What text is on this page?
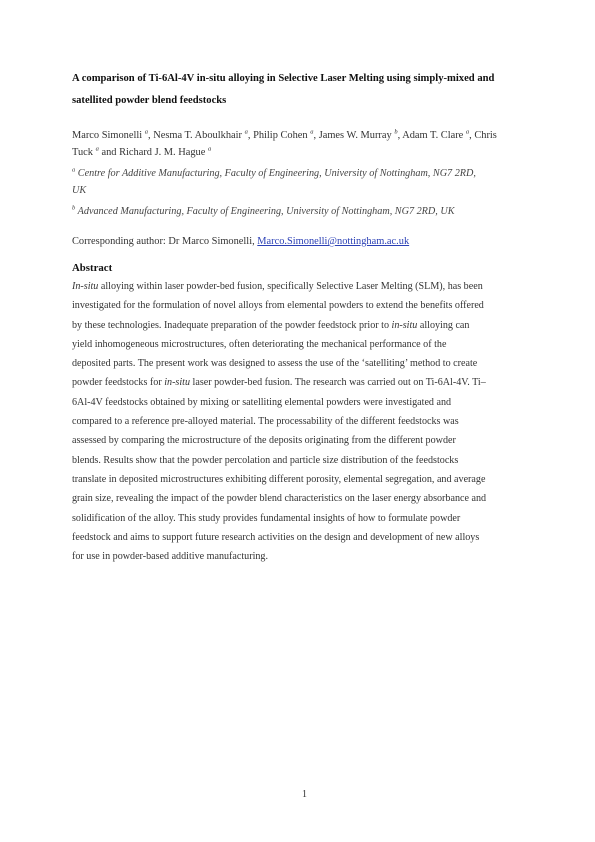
A comparison of Ti-6Al-4V in-situ alloying in Selective Laser Melting using simply-mixed and
satellited powder blend feedstocks
Marco Simonelli $^a$, Nesma T. Aboulkhair $^a$, Philip Cohen $^a$, James W. Murray $^b$, Adam T. Clare $^a$, Chris
Tuck $^a$ and Richard J. M. Hague $^a$
$^a$ Centre for Additive Manufacturing, Faculty of Engineering, University of Nottingham, NG7 2RD,
UK
$^b$ Advanced Manufacturing, Faculty of Engineering, University of Nottingham, NG7 2RD, UK
Corresponding author: Dr Marco Simonelli, Marco.Simonelli@nottingham.ac.uk
Abstract
In-situ alloying within laser powder-bed fusion, specifically Selective Laser Melting (SLM), has been
investigated for the formulation of novel alloys from elemental powders to extend the benefits offered
by these technologies. Inadequate preparation of the powder feedstock prior to in-situ alloying can
yield inhomogeneous microstructures, often deteriorating the mechanical performance of the
deposited parts. The present work was designed to assess the use of the ‘satelliting’ method to create
powder feedstocks for in-situ laser powder-bed fusion. The research was carried out on Ti-6Al-4V. Ti–
6Al-4V feedstocks obtained by mixing or satelliting elemental powders were investigated and
compared to a reference pre-alloyed material. The processability of the different feedstocks was
assessed by comparing the microstructure of the deposits originating from the different powder
blends. Results show that the powder percolation and particle size distribution of the feedstocks
translate in deposited microstructures exhibiting different porosity, elemental segregation, and average
grain size, revealing the impact of the powder blend characteristics on the laser energy absorbance and
solidification of the alloy. This study provides fundamental insights of how to formulate powder
feedstock and aims to support future research activities on the design and development of new alloys
for use in powder-based additive manufacturing.
1
